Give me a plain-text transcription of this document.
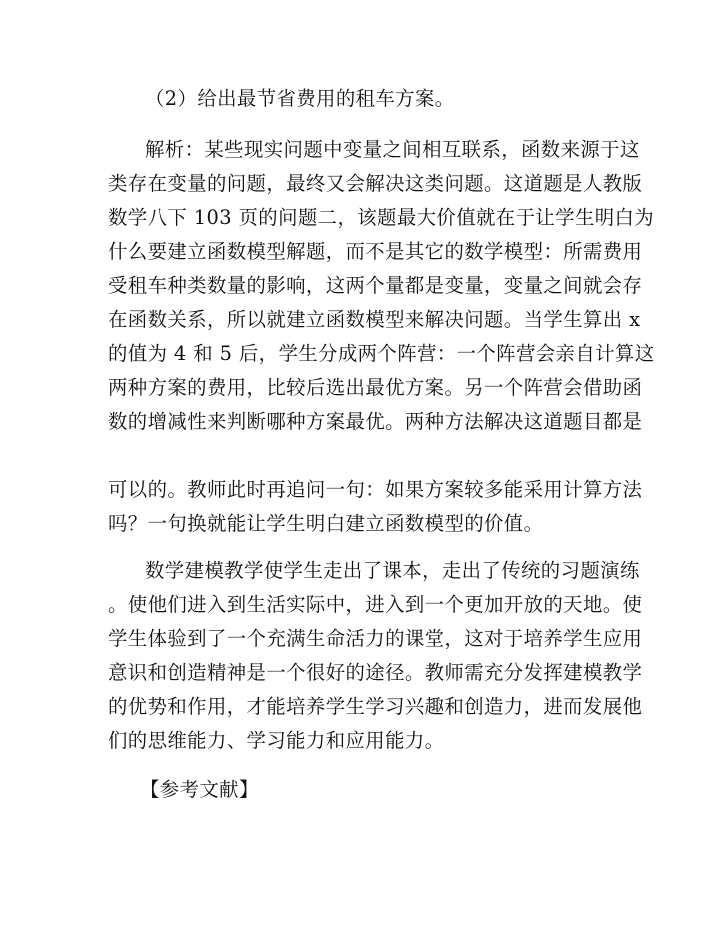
（2）给出最节省费用的租车方案。
解析：某些现实问题中变量之间相互联系，函数来源于这
类存在变量的问题，最终又会解决这类问题。这道题是人教版
数学八下 103 页的问题二，该题最大价值就在于让学生明白为
什么要建立函数模型解题，而不是其它的数学模型：所需费用
受租车种类数量的影响，这两个量都是变量，变量之间就会存
在函数关系，所以就建立函数模型来解决问题。当学生算出 x
的值为 4 和 5 后，学生分成两个阵营：一个阵营会亲自计算这
两种方案的费用，比较后选出最优方案。另一个阵营会借助函
数的增减性来判断哪种方案最优。两种方法解决这道题目都是
可以的。教师此时再追问一句：如果方案较多能采用计算方法
吗？一句换就能让学生明白建立函数模型的价值。
数学建模教学使学生走出了课本，走出了传统的习题演练
。使他们进入到生活实际中，进入到一个更加开放的天地。使
学生体验到了一个充满生命活力的课堂，这对于培养学生应用
意识和创造精神是一个很好的途径。教师需充分发挥建模教学
的优势和作用，才能培养学生学习兴趣和创造力，进而发展他
们的思维能力、学习能力和应用能力。
【参考文献】
